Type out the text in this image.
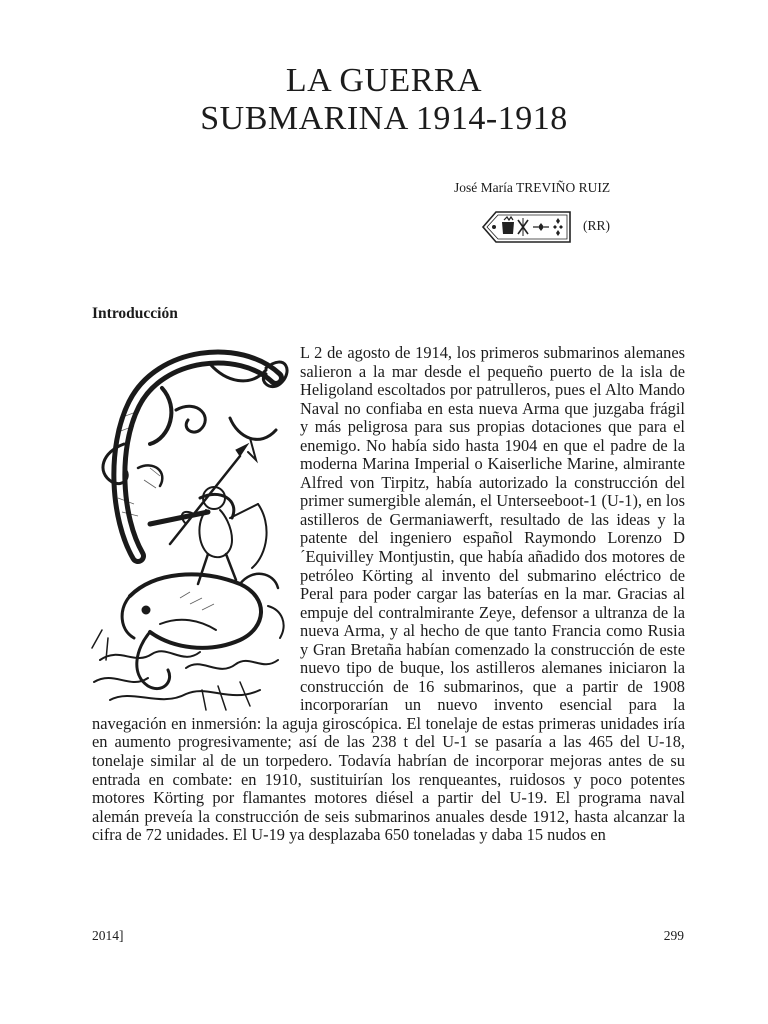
LA GUERRA
SUBMARINA 1914-1918
José María TREVIÑO RUIZ
(RR)
Introducción

L 2 de agosto de 1914, los primeros submarinos alemanes salieron a la mar desde el pequeño puerto de la isla de Heligoland escoltados por patrulleros, pues el Alto Mando Naval no confiaba en esta nueva Arma que juzgaba frágil y más peligrosa para sus propias dotaciones que para el enemigo. No había sido hasta 1904 en que el padre de la moderna Marina Imperial o Kaiserliche Marine, almirante Alfred von Tirpitz, había autorizado la construcción del primer sumergible alemán, el Unterseeboot-1 (U-1), en los astilleros de Germaniawerft, resultado de las ideas y la patente del ingeniero español Raymondo Lorenzo D´Equivilley Montjustin, que había añadido dos motores de petróleo Körting al invento del submarino eléctrico de Peral para poder cargar las baterías en la mar. Gracias al empuje del contralmirante Zeye, defensor a ultranza de la nueva Arma, y al hecho de que tanto Francia como Rusia y Gran Bretaña habían comenzado la construcción de este nuevo tipo de buque, los astilleros alemanes iniciaron la construcción de 16 submarinos, que a partir de 1908 incorporarían un nuevo invento esencial para la navegación en inmersión: la aguja giroscópica. El tonelaje de estas primeras unidades iría en aumento progresivamente; así de las 238 t del U-1 se pasaría a las 465 del U-18, tonelaje similar al de un torpedero. Todavía habrían de incorporar mejoras antes de su entrada en combate: en 1910, sustituirían los renqueantes, ruidosos y poco potentes motores Körting por flamantes motores diésel a partir del U-19. El programa naval alemán preveía la construcción de seis submarinos anuales desde 1912, hasta alcanzar la cifra de 72 unidades. El U-19 ya desplazaba 650 toneladas y daba 15 nudos en

2014]	299
